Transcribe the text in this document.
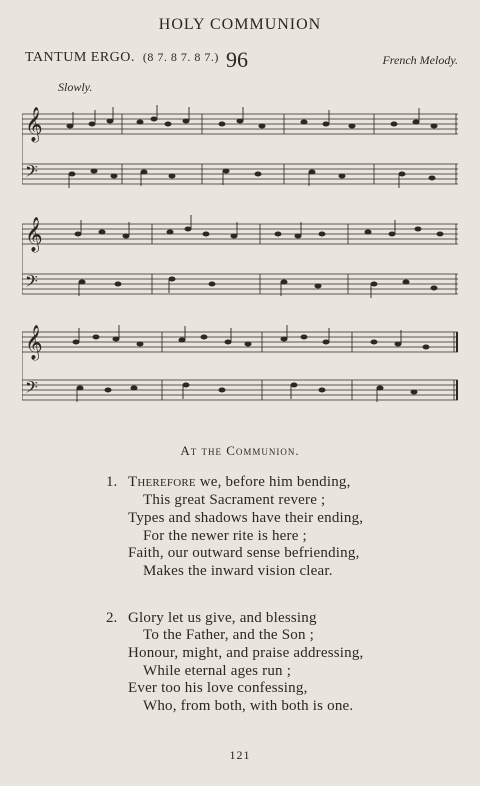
HOLY COMMUNION
TANTUM ERGO. (8 7. 8 7. 8 7.) 96	French Melody.
Slowly.
𝄞
𝄢
𝄞
𝄢
𝄞
𝄢
At the Communion.
1. Therefore we, before him bending,
This great Sacrament revere ;
Types and shadows have their ending,
For the newer rite is here ;
Faith, our outward sense befriending,
Makes the inward vision clear.
2. Glory let us give, and blessing
To the Father, and the Son ;
Honour, might, and praise addressing,
While eternal ages run ;
Ever too his love confessing,
Who, from both, with both is one.
121
